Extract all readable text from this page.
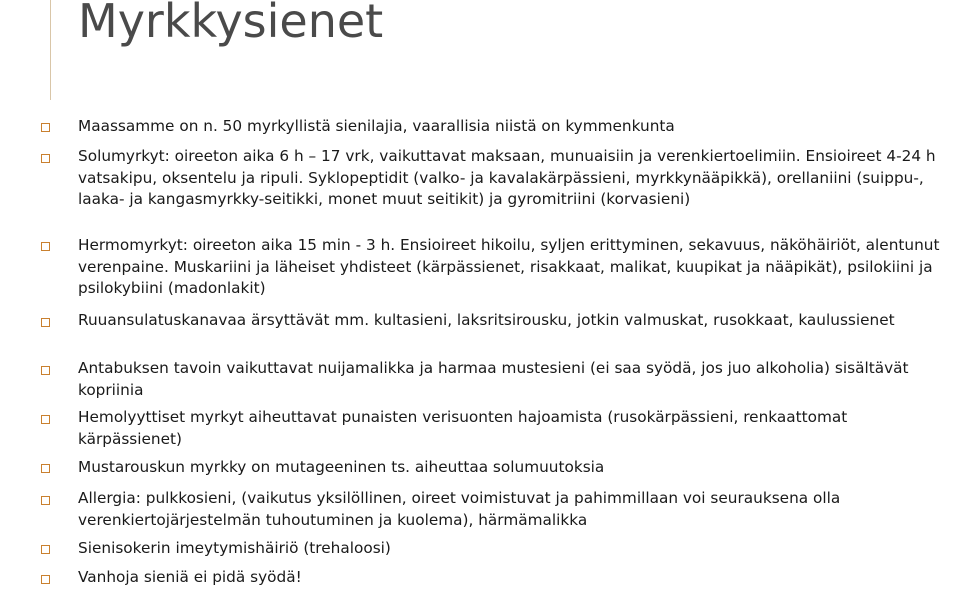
Myrkkysienet
Maassamme on n. 50 myrkyllistä sienilajia, vaarallisia niistä on kymmenkunta
Solumyrkyt: oireeton aika 6 h – 17 vrk, vaikuttavat maksaan, munuaisiin ja verenkiertoelimiin. Ensioireet 4-24 h vatsakipu, oksentelu ja ripuli. Syklopeptidit (valko- ja kavalakärpässieni, myrkkynääpikkä), orellaniini (suippu-, laaka- ja kangasmyrkky-seitikki, monet muut seitikit) ja gyromitriini (korvasieni)
Hermomyrkyt: oireeton aika 15 min - 3 h. Ensioireet hikoilu, syljen erittyminen, sekavuus, näköhäiriöt, alentunut verenpaine. Muskariini ja läheiset yhdisteet (kärpässienet, risakkaat, malikat, kuupikat ja nääpikät), psilokiini ja psilokybiini (madonlakit)
Ruuansulatuskanavaa ärsyttävät mm. kultasieni, laksritsirousku, jotkin valmuskat, rusokkaat, kaulussienet
Antabuksen tavoin vaikuttavat nuijamalikka ja harmaa mustesieni (ei saa syödä, jos juo alkoholia) sisältävät kopriinia
Hemolyyttiset myrkyt aiheuttavat punaisten verisuonten hajoamista (rusokärpässieni, renkaattomat kärpässienet)
Mustarouskun myrkky on mutageeninen ts. aiheuttaa solumuutoksia
Allergia: pulkkosieni, (vaikutus yksilöllinen, oireet voimistuvat ja pahimmillaan voi seurauksena olla verenkiertojärjestelmän tuhoutuminen ja kuolema), härmämalikka
Sienisokerin imeytymishäiriö (trehaloosi)
Vanhoja sieniä ei pidä syödä!
